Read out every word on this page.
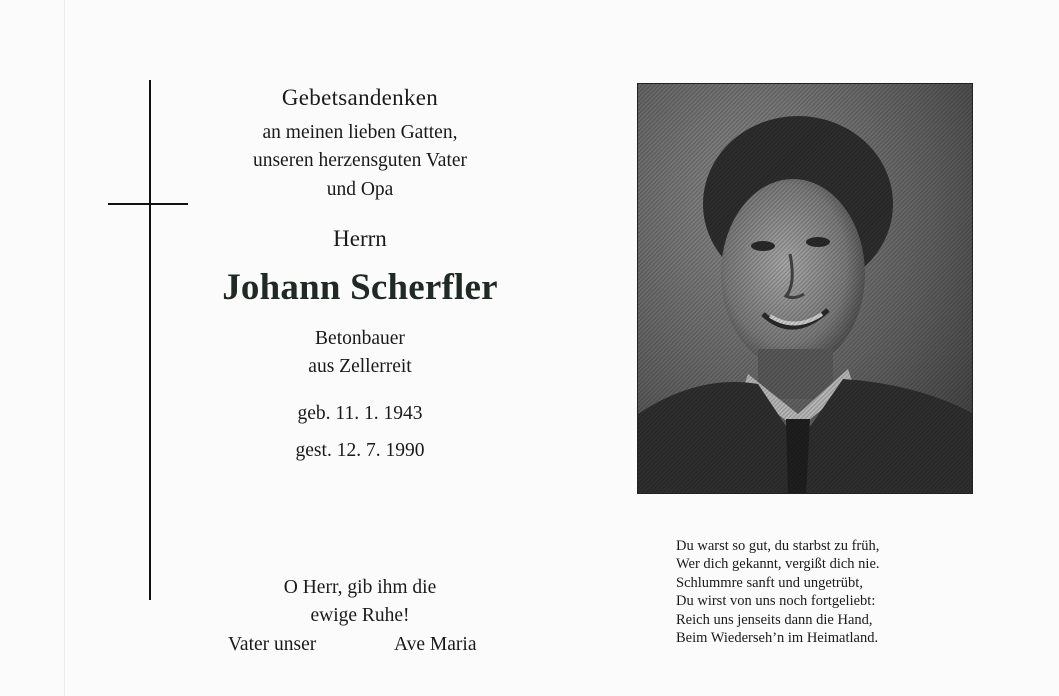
Gebetsandenken
an meinen lieben Gatten,
unseren herzensguten Vater
und Opa
Herrn
Johann Scherfler
Betonbauer
aus Zellerreit
geb. 11. 1. 1943
gest. 12. 7. 1990
O Herr, gib ihm die
ewige Ruhe!
Vater unser	Ave Maria
Du warst so gut, du starbst zu früh,
Wer dich gekannt, vergißt dich nie.
Schlummre sanft und ungetrübt,
Du wirst von uns noch fortgeliebt:
Reich uns jenseits dann die Hand,
Beim Wiederseh’n im Heimatland.
